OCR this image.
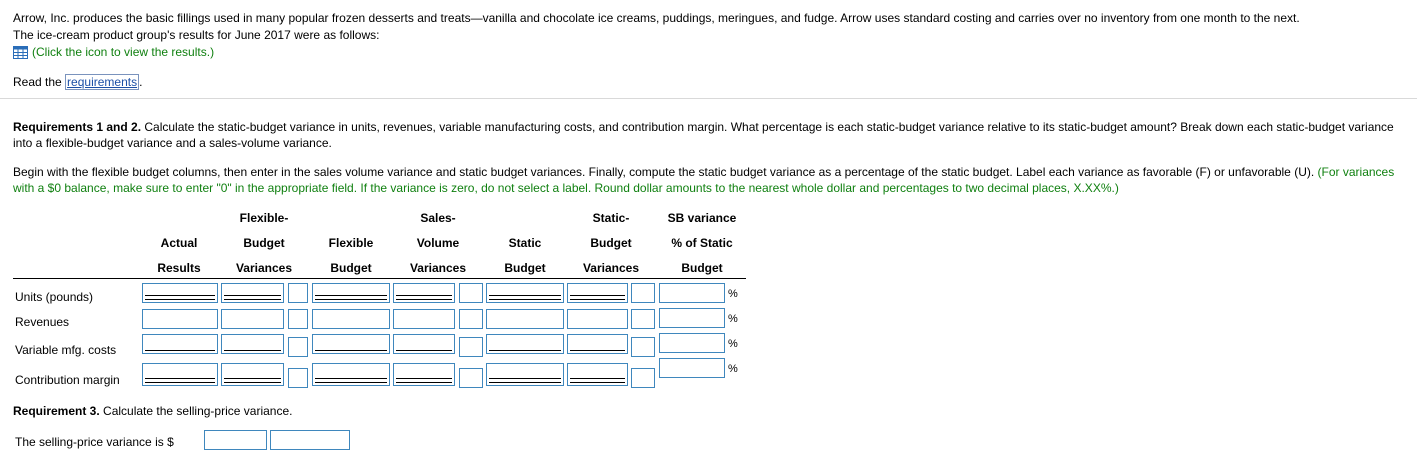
Arrow, Inc. produces the basic fillings used in many popular frozen desserts and treats—vanilla and chocolate ice creams, puddings, meringues, and fudge. Arrow uses standard costing and carries over no inventory from one month to the next.
The ice-cream product group's results for June 2017 were as follows:
(Click the icon to view the results.)
Read the requirements .
Requirements 1 and 2. Calculate the static-budget variance in units, revenues, variable manufacturing costs, and contribution margin. What percentage is each static-budget variance relative to its static-budget amount? Break down each static-budget variance into a flexible-budget variance and a sales-volume variance.
Begin with the flexible budget columns, then enter in the sales volume variance and static budget variances. Finally, compute the static budget variance as a percentage of the static budget. Label each variance as favorable (F) or unfavorable (U). (For variances with a $0 balance, make sure to enter "0" in the appropriate field. If the variance is zero, do not select a label. Round dollar amounts to the nearest whole dollar and percentages to two decimal places, X.XX%.)
Actual
Results
Flexible-
Budget
Variances
Flexible
Budget
Sales-
Volume
Variances
Static
Budget
Static-
Budget
Variances
SB variance
% of Static
Budget
Units (pounds)
Revenues
Variable mfg. costs
Contribution margin
%
%
%
%
Requirement 3. Calculate the selling-price variance.
The selling-price variance is $
